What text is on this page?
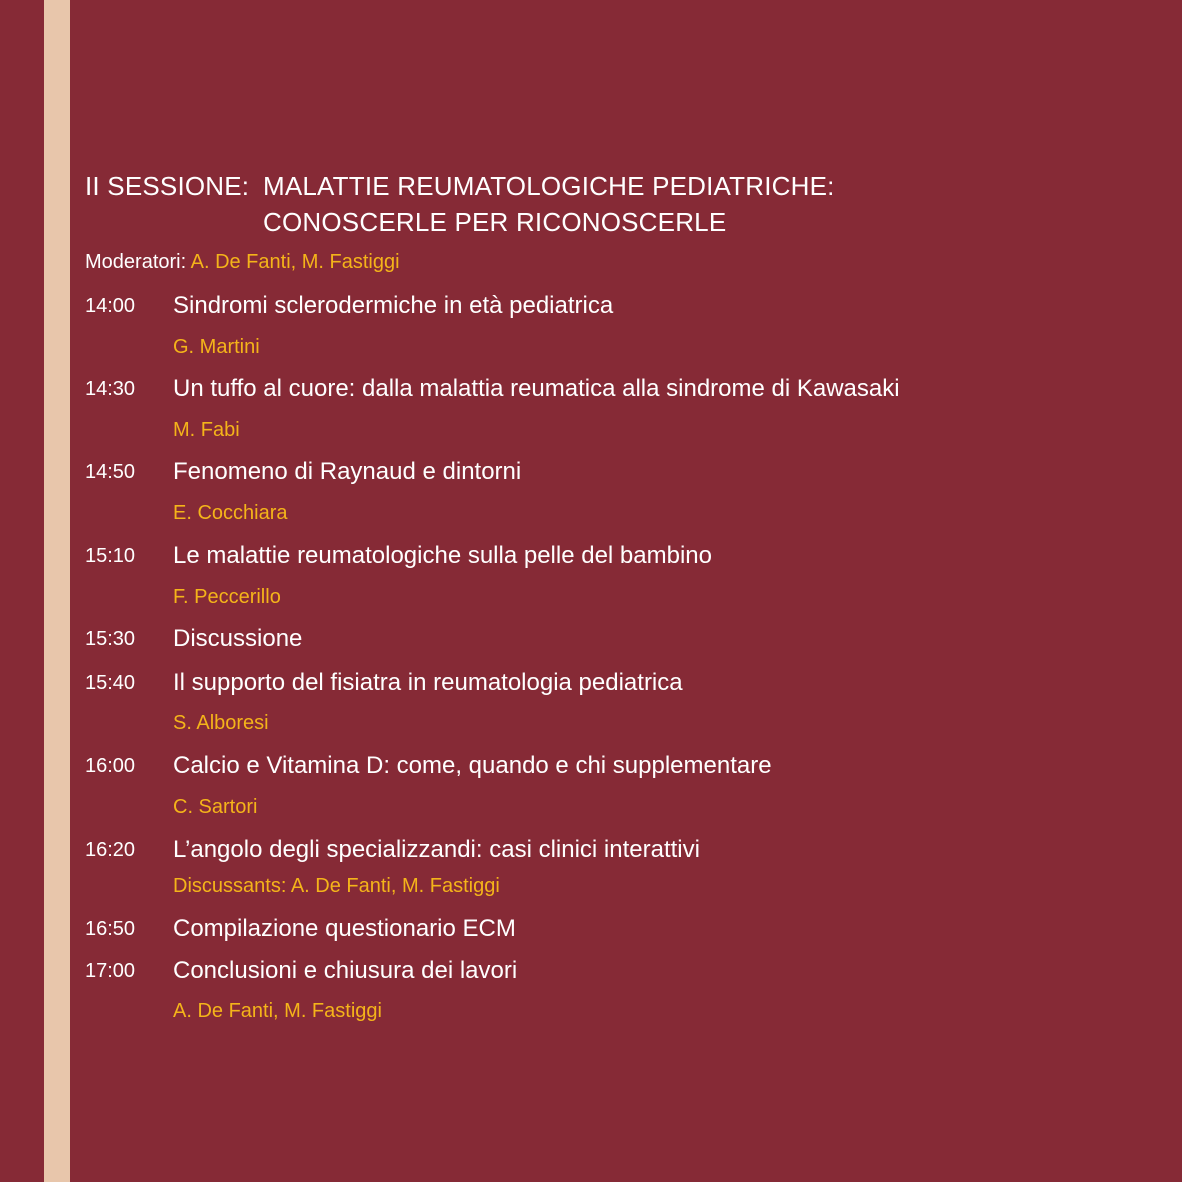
II SESSIONE: MALATTIE REUMATOLOGICHE PEDIATRICHE:
CONOSCERLE PER RICONOSCERLE
Moderatori: A. De Fanti, M. Fastiggi
14:00 Sindromi sclerodermiche in età pediatrica
G. Martini
14:30 Un tuffo al cuore: dalla malattia reumatica alla sindrome di Kawasaki
M. Fabi
14:50 Fenomeno di Raynaud e dintorni
E. Cocchiara
15:10 Le malattie reumatologiche sulla pelle del bambino
F. Peccerillo
15:30 Discussione
15:40 Il supporto del fisiatra in reumatologia pediatrica
S. Alboresi
16:00 Calcio e Vitamina D: come, quando e chi supplementare
C. Sartori
16:20 L’angolo degli specializzandi: casi clinici interattivi
Discussants: A. De Fanti, M. Fastiggi
16:50 Compilazione questionario ECM
17:00 Conclusioni e chiusura dei lavori
A. De Fanti, M. Fastiggi
